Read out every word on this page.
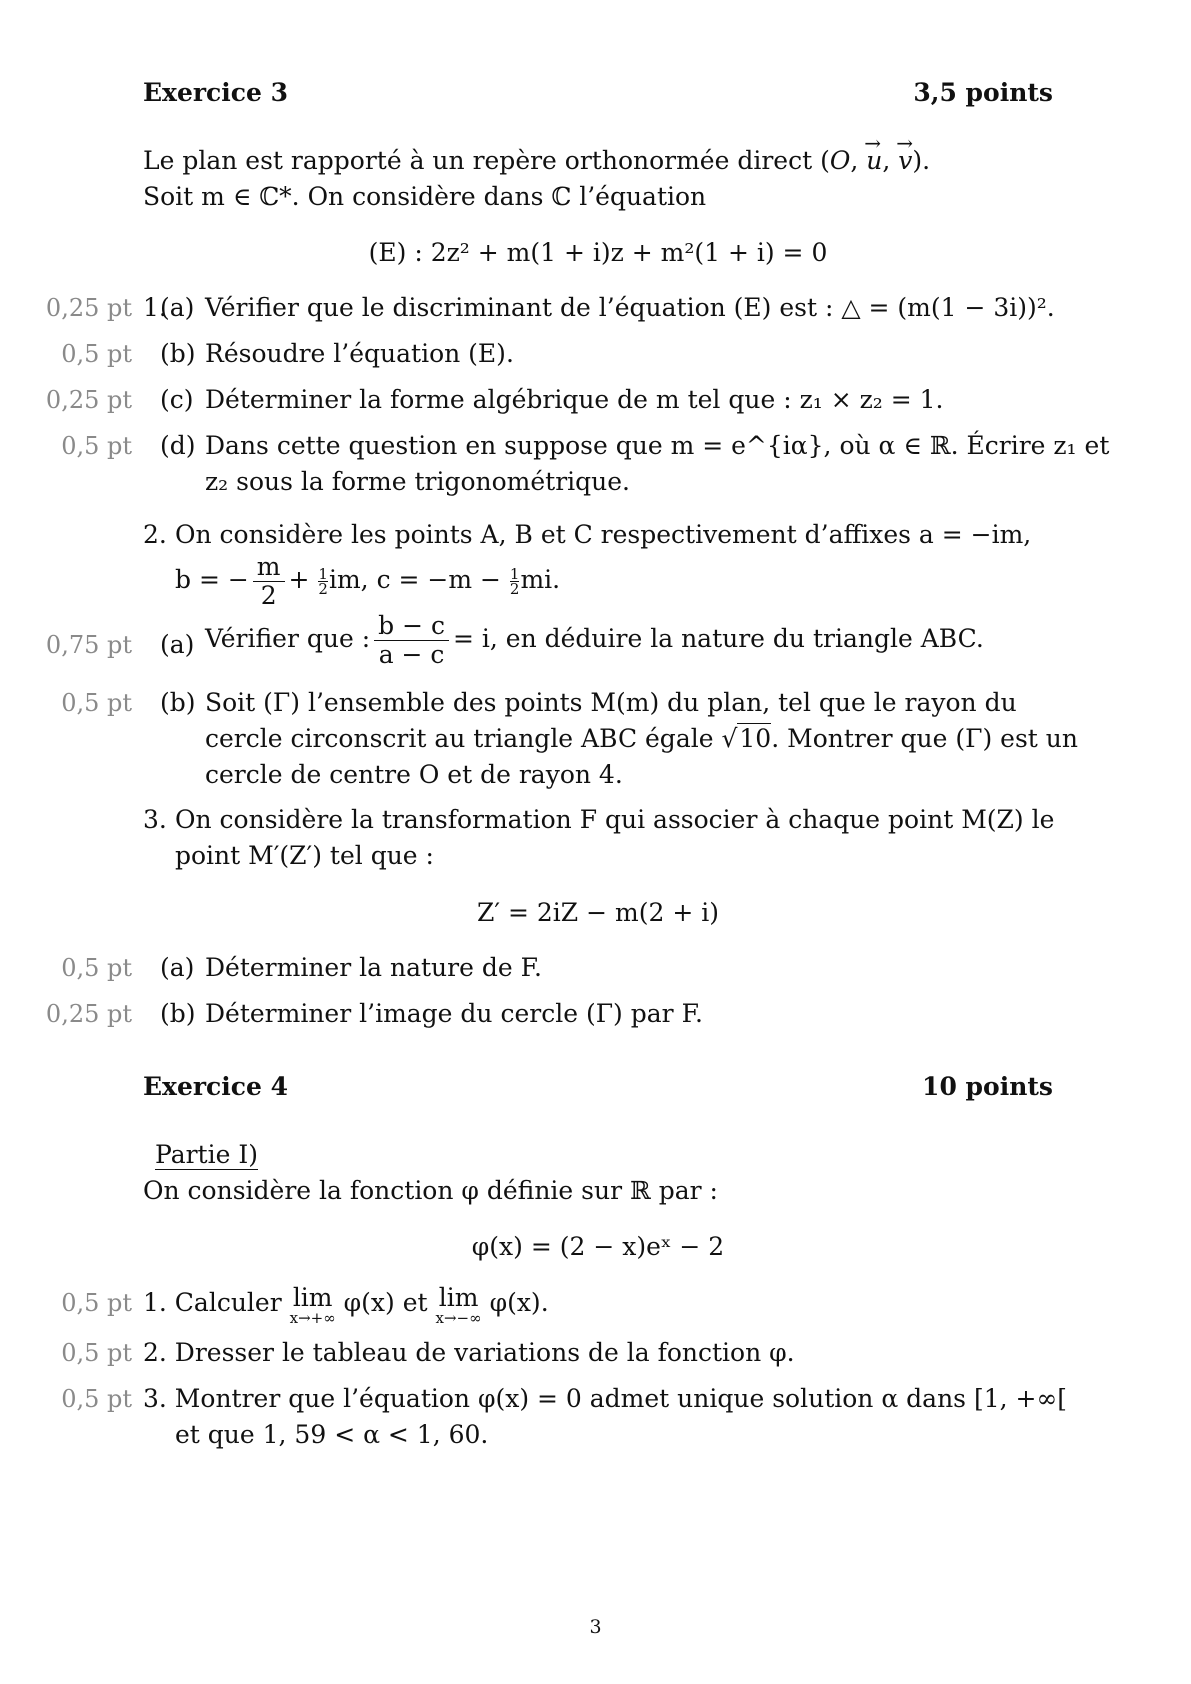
Exercice 3	3,5 points
Le plan est rapporté à un repère orthonormée direct (O, → u, → v).
Soit m ∈ ℂ*. On considère dans ℂ l’équation
(E) : 2z² + m(1 + i)z + m²(1 + i) = 0
0,25 pt 1.
(a) Vérifier que le discriminant de l’équation (E) est : △ = (m(1 − 3i))².
0,5 pt (b) Résoudre l’équation (E).
0,25 pt (c) Déterminer la forme algébrique de m tel que : z₁ × z₂ = 1.
0,5 pt (d) Dans cette question en suppose que m = e^{iα}, où α ∈ ℝ. Écrire z₁ et
z₂ sous la forme trigonométrique.
2. On considère les points A, B et C respectivement d’affixes a = −im,
b = − $\frac{m}{2} + \frac{1}{2}im$, $c = -m - \frac{1}{2}mi$.
0,75 pt (a) Vérifier que : $\frac{b - c}{a - c} = i$, en déduire la nature du triangle ABC.
0,5 pt (b) Soit (Γ) l’ensemble des points M(m) du plan, tel que le rayon du
cercle circonscrit au triangle ABC égale √10. Montrer que (Γ) est un
cercle de centre O et de rayon 4.
3. On considère la transformation F qui associer à chaque point M(Z) le
point M′(Z′) tel que :
Z′ = 2iZ − m(2 + i)
0,5 pt (a) Déterminer la nature de F.
0,25 pt (b) Déterminer l’image du cercle (Γ) par F.
Exercice 4	10 points
Partie I)
On considère la fonction φ définie sur ℝ par :
φ(x) = (2 − x)eˣ − 2
0,5 pt 1. Calculer lim
x→+∞
φ(x) et lim
x→−∞
φ(x).
0,5 pt 2. Dresser le tableau de variations de la fonction φ.
0,5 pt 3. Montrer que l’équation φ(x) = 0 admet unique solution α dans [1, +∞[
et que 1, 59 < α < 1, 60.
3
